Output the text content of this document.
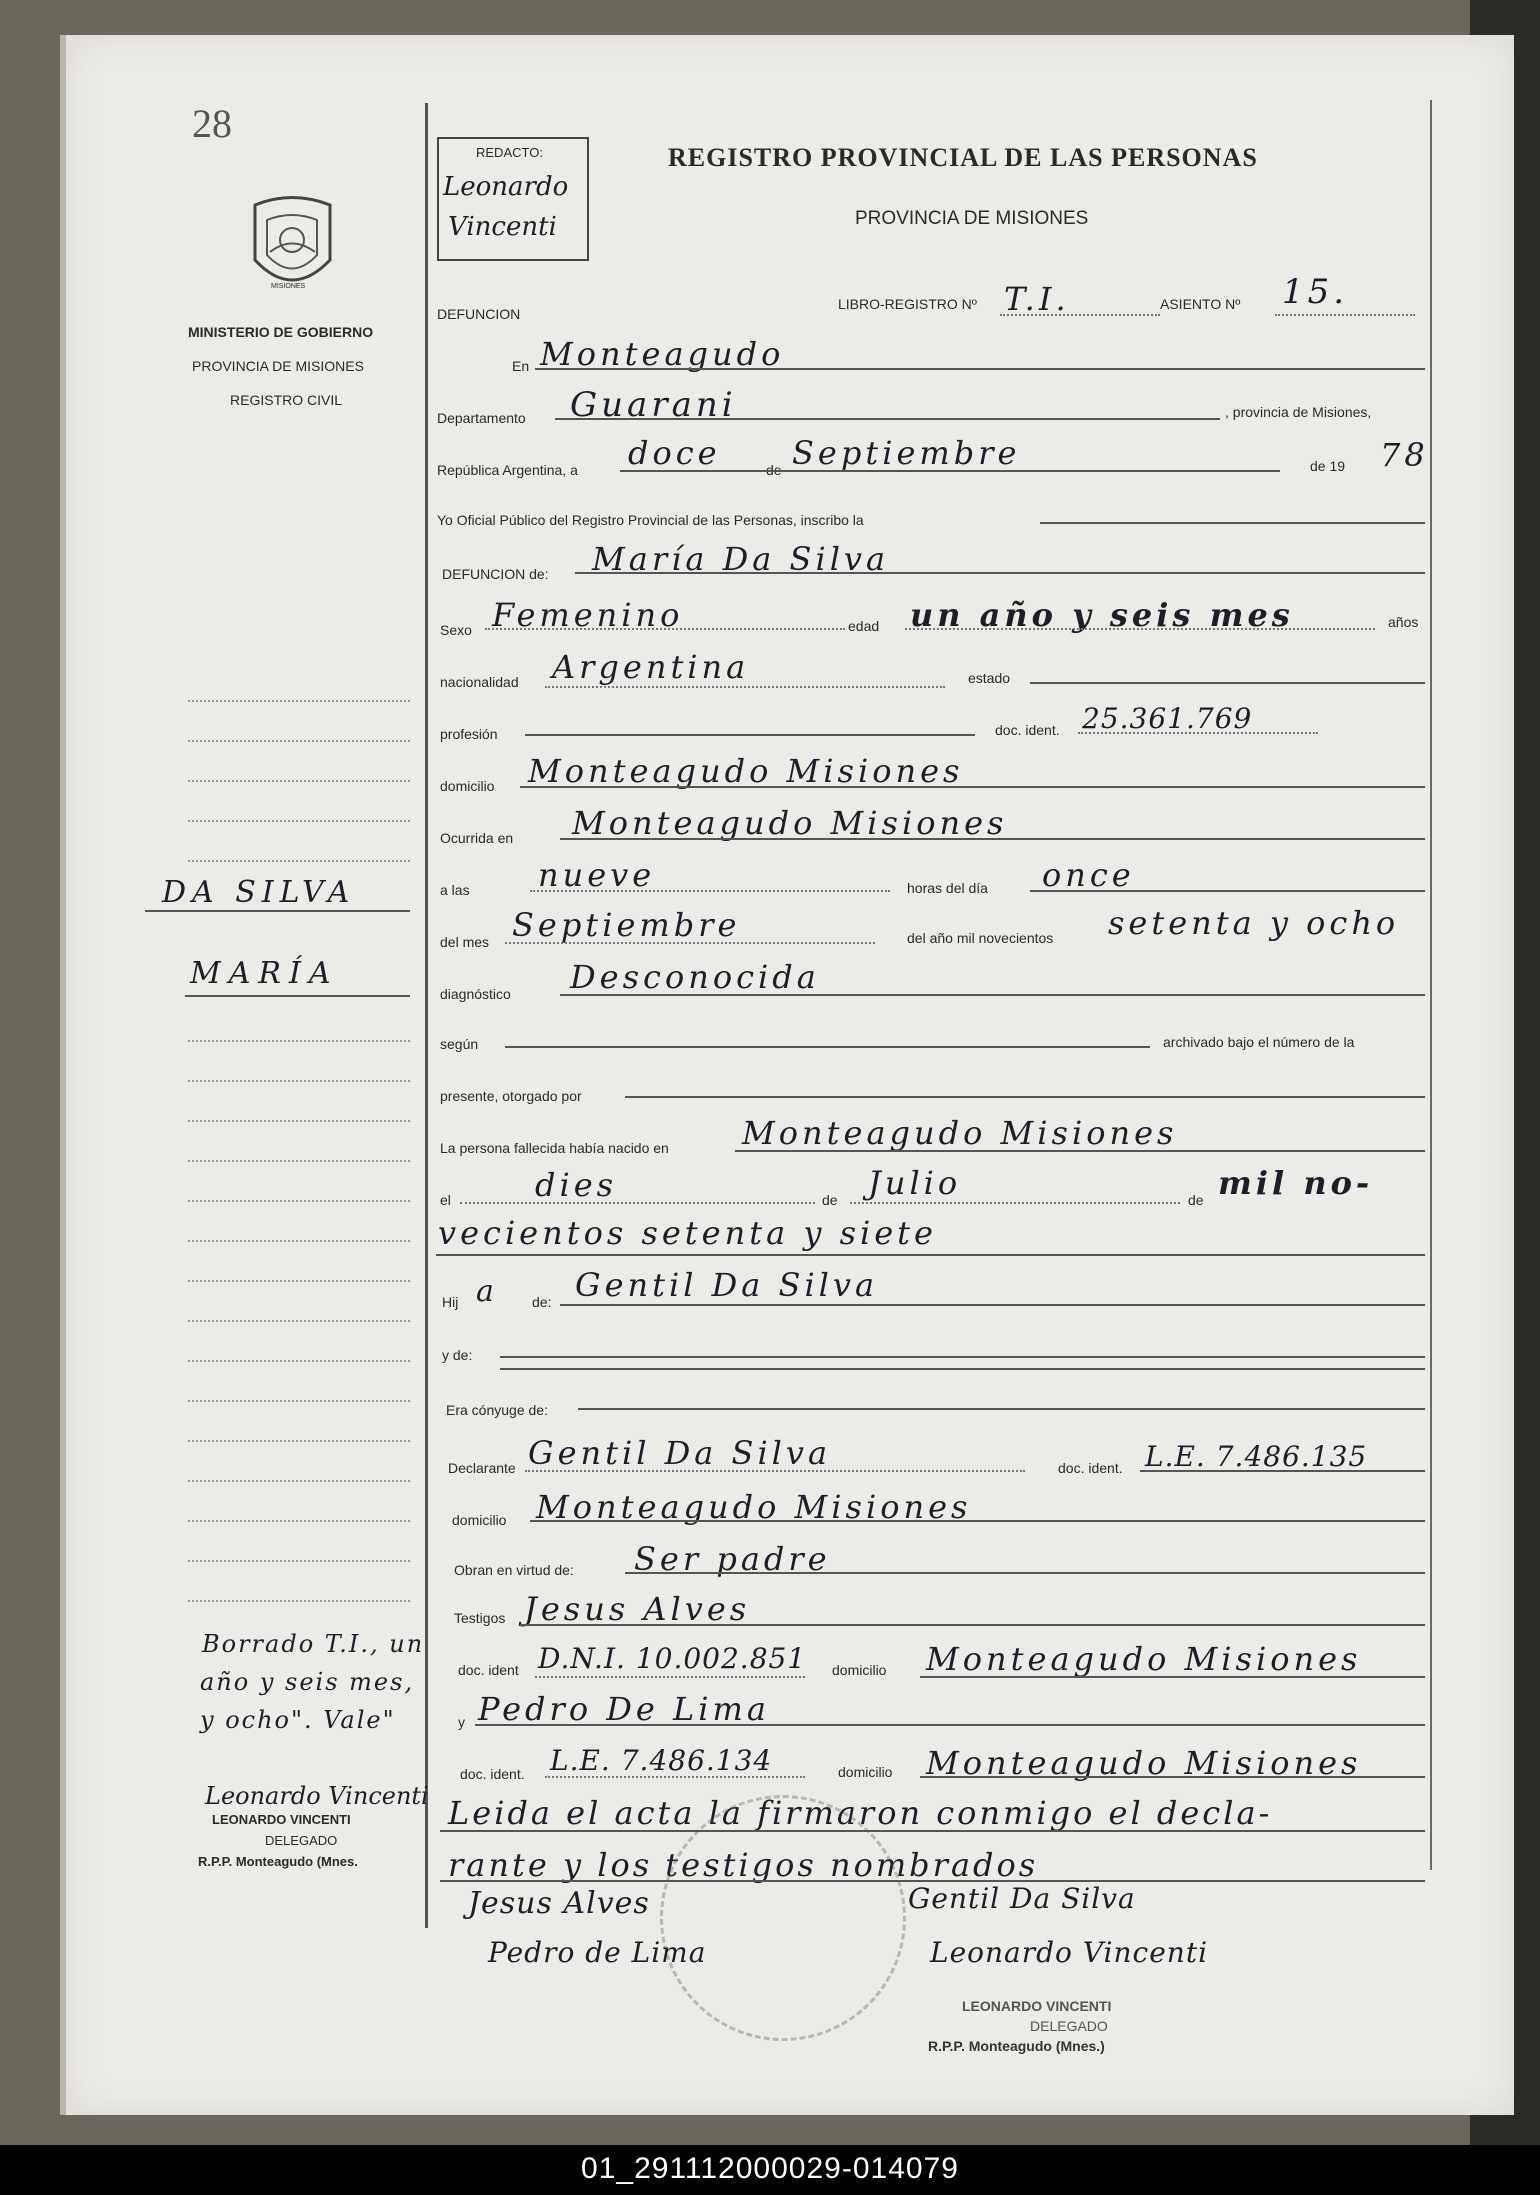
28
MISIONES
MINISTERIO DE GOBIERNO
PROVINCIA DE MISIONES
REGISTRO CIVIL
REDACTO:
Leonardo
Vincenti
REGISTRO PROVINCIAL DE LAS PERSONAS
PROVINCIA DE MISIONES
DEFUNCION
LIBRO-REGISTRO Nº T.I.	ASIENTO Nº 15.
En Monteagudo
Departamento Guarani	, provincia de Misiones,
República Argentina, a doce	de Septiembre	de 19 78
Yo Oficial Público del Registro Provincial de las Personas, inscribo la
DEFUNCION de: María Da Silva
Sexo Femenino	edad un año y seis mes	años
nacionalidad Argentina	estado
profesión	doc. ident. 25.361.769
domicilio Monteagudo Misiones
Ocurrida en Monteagudo Misiones
a las nueve	horas del día once
del mes Septiembre	del año mil novecientos setenta y ocho
diagnóstico Desconocida
según	archivado bajo el número de la
presente, otorgado por
La persona fallecida había nacido en Monteagudo Misiones
el	dies	de Julio	de mil no-
vecientos setenta y siete
Hij a de: Gentil Da Silva
y de:
Era cónyuge de:
Declarante Gentil Da Silva	doc. ident. L.E. 7.486.135
domicilio Monteagudo Misiones
Obran en virtud de: Ser padre
Testigos Jesus Alves
doc. ident D.N.I. 10.002.851 domicilio Monteagudo Misiones
y Pedro De Lima
doc. ident. L.E. 7.486.134	domicilio Monteagudo Misiones
Leida el acta la firmaron conmigo el decla-
rante y los testigos nombrados
Jesus Alves	Gentil Da Silva
Pedro de Lima	Leonardo Vincenti
LEONARDO VINCENTI
DELEGADO
R.P.P. Monteagudo (Mnes.)
DA SILVA
MARÍA
Borrado T.I., un
año y seis mes,
y ocho". Vale"
Leonardo Vincenti
LEONARDO VINCENTI
DELEGADO
R.P.P. Monteagudo (Mnes.
01_291112000029-014079
